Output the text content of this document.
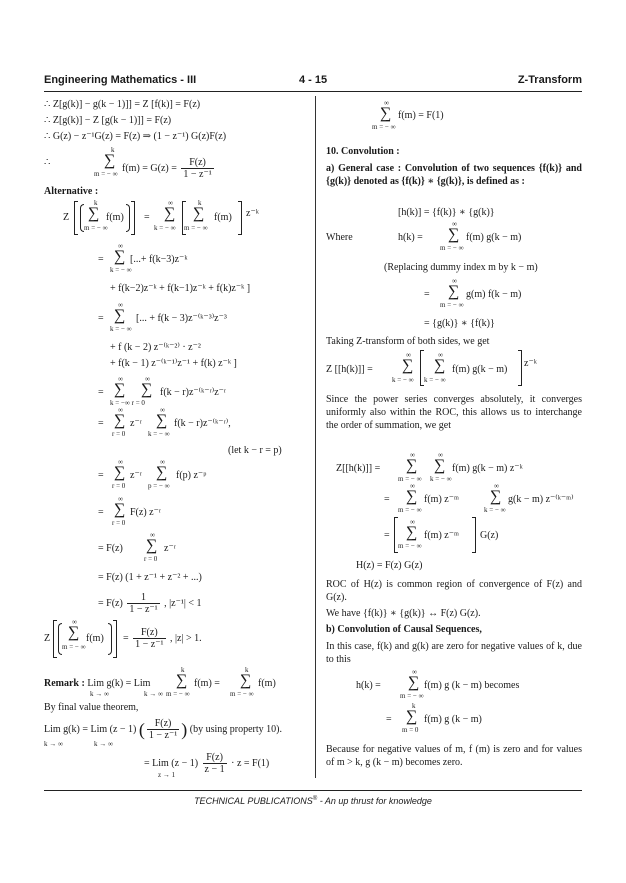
Engineering Mathematics - III	4 - 15	Z-Transform
∴ Z[g(k)] − g(k − 1)]] = Z [f(k)] = F(z)
∴ Z[g(k)] − Z [g(k − 1)]] = F(z)
∴ G(z) − z⁻¹G(z) = F(z) ⇒ (1 − z⁻¹) G(z)F(z)
∴
k
∑
m = − ∞
$f(m) = G(z) = \frac{F(z)}{\text{1 − z⁻¹}}$
Alternative :
Z
k
∑
m = − ∞
f(m) =
∞
∑
k = − ∞
k
∑
m = − ∞
f(m) z⁻ᵏ
=
∞
∑
k = − ∞
[...+ f(k−3)z⁻ᵏ
+ f(k−2)z⁻ᵏ + f(k−1)z⁻ᵏ + f(k)z⁻ᵏ ]
=
∞
∑
k = − ∞
[... + f(k − 3)z⁻⁽ᵏ⁻³⁾z⁻³
+ f (k − 2) z⁻⁽ᵏ⁻²⁾ · z⁻²
+ f(k − 1) z⁻⁽ᵏ⁻¹⁾z⁻¹ + f(k) z⁻ᵏ ]
=
∞
∑
∞
∑
k = −∞ r = 0
f(k − r)z⁻⁽ᵏ⁻ʳ⁾z⁻ʳ
=
∞
∑
r = 0
z⁻ʳ
∞
∑
k = − ∞
f(k − r)z⁻⁽ᵏ⁻ʳ⁾,
(let k − r = p)
=
∞
∑
r = 0
z⁻ʳ
∞
∑
p = − ∞
f(p) z⁻ᵖ
=
∞
∑
r = 0
F(z) z⁻ʳ
= F(z)
∞
∑
r = 0
z⁻ʳ
= F(z) (1 + z⁻¹ + z⁻² + ...)
= $F(z) \frac{1}{\text{1 − z⁻¹}}$ , |z⁻¹| < 1
Z
∞
∑
m = − ∞
$f(m) = \frac{F(z)}{\text{1 − z⁻¹}}$ , |z| > 1.
Remark : Lim g(k) = Lim
k → ∞	k → ∞
k
∑
m = − ∞
f(m) =
k
∑
m = − ∞
f(m)
By final value theorem,
Lim g(k) = Lim (z − 1) ( $\frac{F(z)}{\text{1 − z⁻¹}}$ ) (by using property 10).
k → ∞	k → ∞
= Lim $(z - 1) \frac{F(z)}{z - 1} \cdot z = F(1)$
z → 1
∞
∑
m = − ∞
f(m) = F(1)
10. Convolution :
a) General case : Convolution of two sequences {f(k)} and {g(k)} denoted as {f(k)} ∗ {g(k)}, is defined as :
[h(k)] = {f(k)} ∗ {g(k)}
Where	h(k) =
∞
∑
m = − ∞
f(m) g(k − m)
(Replacing dummy index m by k − m)
=
∞
∑
m = − ∞
g(m) f(k − m)
= {g(k)} ∗ {f(k)}
Taking Z-transform of both sides, we get
Z [[h(k)]] =
∞
∑
k = − ∞
∞
∑
k = − ∞
f(m) g(k − m)
z⁻ᵏ
Since the power series converges absolutely, it converges uniformly also within the ROC, this allows us to interchange the order of summation, we get
Z[[h(k)]] =
∞
∑
m = − ∞
∞
∑
k = − ∞
f(m) g(k − m) z⁻ᵏ
=
∞
∑
m = − ∞
f(m) z⁻ᵐ
∞
∑
k = − ∞
g(k − m) z⁻⁽ᵏ⁻ᵐ⁾
=
∞
∑
m = − ∞
f(m) z⁻ᵐ G(z)
H(z) = F(z) G(z)
ROC of H(z) is common region of convergence of F(z) and G(z).
We have {f(k)} ∗ {g(k)} ↔ F(z) G(z).
b) Convolution of Causal Sequences,
In this case, f(k) and g(k) are zero for negative values of k, due to this
h(k) =
∞
∑
m = − ∞
f(m) g (k − m) becomes
=
k
∑
m = 0
f(m) g (k − m)
Because for negative values of m, f (m) is zero and for values of m > k, g (k − m) becomes zero.
TECHNICAL PUBLICATIONS® - An up thrust for knowledge
